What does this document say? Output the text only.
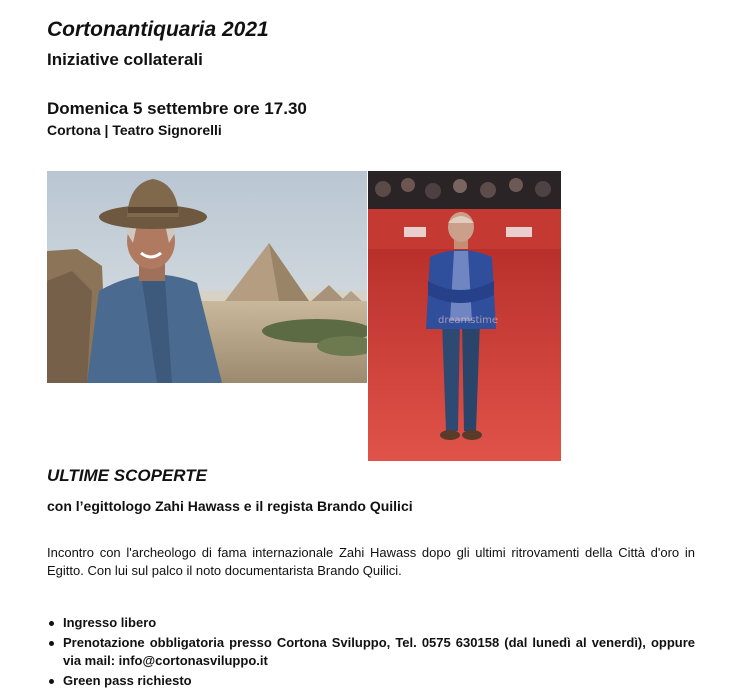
Cortonantiquaria 2021
Iniziative collaterali
Domenica 5 settembre ore 17.30
Cortona | Teatro Signorelli
dreamstime
ULTIME SCOPERTE
con l’egittologo Zahi Hawass e il regista Brando Quilici
Incontro con l'archeologo di fama internazionale Zahi Hawass dopo gli ultimi ritrovamenti della Città d'oro in Egitto. Con lui sul palco il noto documentarista Brando Quilici.
Ingresso libero
Prenotazione obbligatoria presso Cortona Sviluppo, Tel. 0575 630158 (dal lunedì al venerdì), oppure via mail: info@cortonasviluppo.it
Green pass richiesto
